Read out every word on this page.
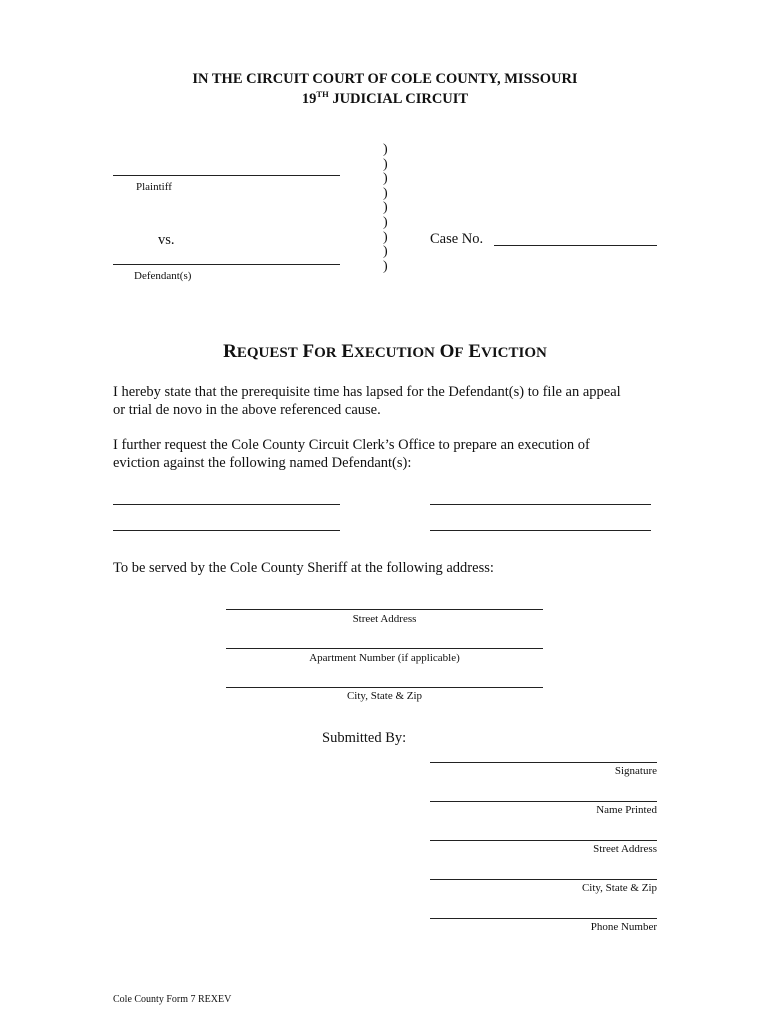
IN THE CIRCUIT COURT OF COLE COUNTY, MISSOURI
19TH JUDICIAL CIRCUIT
Plaintiff
vs.
Defendant(s)
)
)
)
)
)
)
)
)
)
Case No.
REQUEST FOR EXECUTION OF EVICTION
I hereby state that the prerequisite time has lapsed for the Defendant(s) to file an appeal
or trial de novo in the above referenced cause.
I further request the Cole County Circuit Clerk’s Office to prepare an execution of
eviction against the following named Defendant(s):
To be served by the Cole County Sheriff at the following address:
Street Address
Apartment Number (if applicable)
City, State & Zip
Submitted By:
Signature
Name Printed
Street Address
City, State & Zip
Phone Number
Cole County Form 7 REXEV
